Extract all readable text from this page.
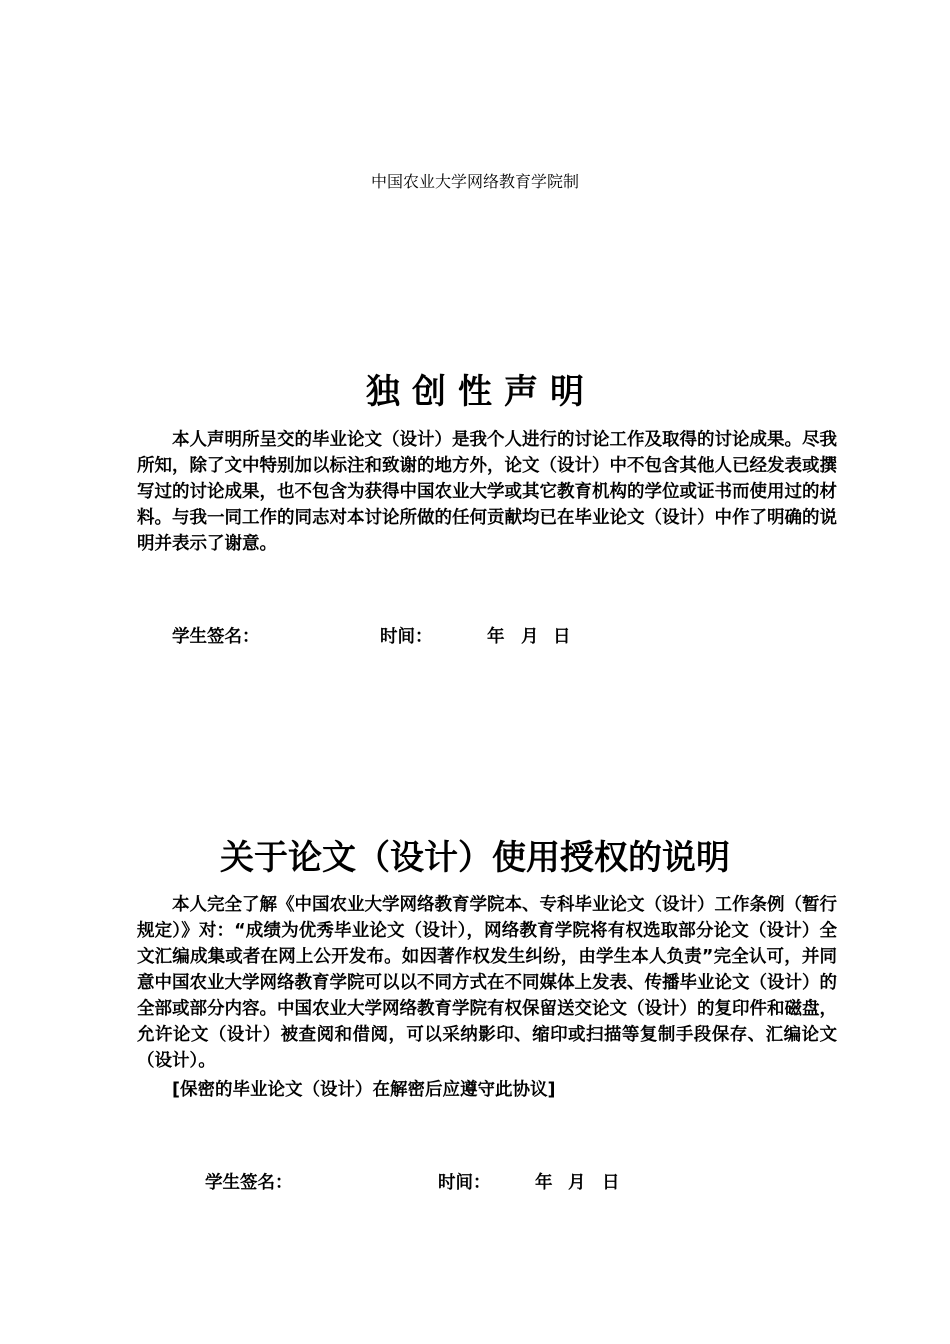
中国农业大学网络教育学院制
独创性声明

本人声明所呈交的毕业论文（设计）是我个人进行的讨论工作及取得的讨论成果。尽我所知，除了文中特别加以标注和致谢的地方外，论文（设计）中不包含其他人已经发表或撰写过的讨论成果，也不包含为获得中国农业大学或其它教育机构的学位或证书而使用过的材料。与我一同工作的同志对本讨论所做的任何贡献均已在毕业论文（设计）中作了明确的说明并表示了谢意。

学生签名：	时间：	年 月 日
关于论文（设计）使用授权的说明

本人完全了解《中国农业大学网络教育学院本、专科毕业论文（设计）工作条例（暂行规定）》对：“成绩为优秀毕业论文（设计），网络教育学院将有权选取部分论文（设计）全文汇编成集或者在网上公开发布。如因著作权发生纠纷，由学生本人负责”完全认可，并同意中国农业大学网络教育学院可以以不同方式在不同媒体上发表、传播毕业论文（设计）的全部或部分内容。中国农业大学网络教育学院有权保留送交论文（设计）的复印件和磁盘，允许论文（设计）被查阅和借阅，可以采纳影印、缩印或扫描等复制手段保存、汇编论文（设计）。

[保密的毕业论文（设计）在解密后应遵守此协议]

学生签名：	时间：	年 月 日
